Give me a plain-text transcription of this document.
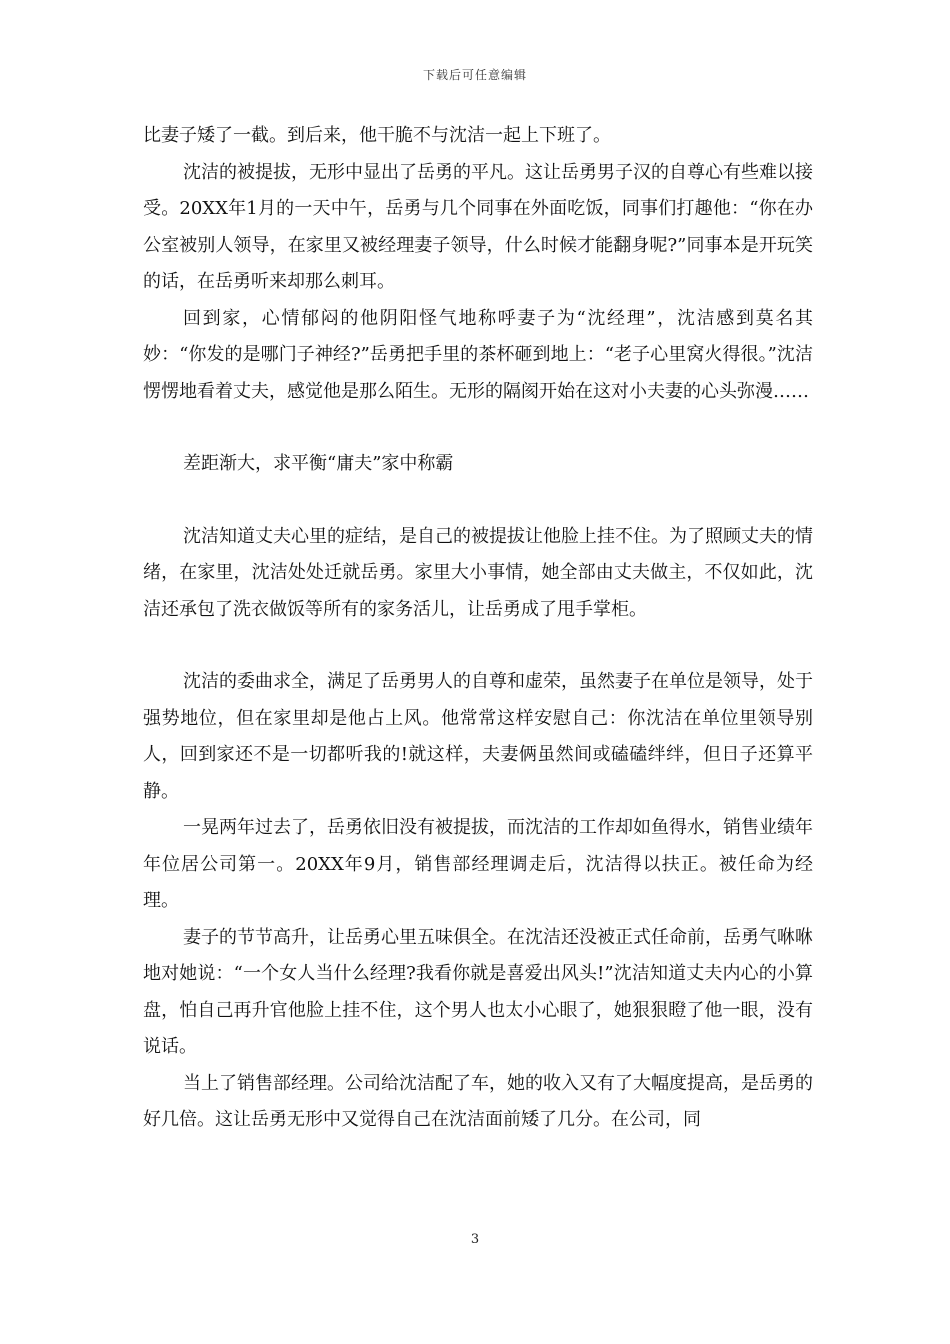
下载后可任意编辑

比妻子矮了一截。到后来，他干脆不与沈洁一起上下班了。

沈洁的被提拔，无形中显出了岳勇的平凡。这让岳勇男子汉的自尊心有些难以接受。20XX年1月的一天中午，岳勇与几个同事在外面吃饭，同事们打趣他：“你在办公室被别人领导，在家里又被经理妻子领导，什么时候才能翻身呢?”同事本是开玩笑的话，在岳勇听来却那么刺耳。

回到家，心情郁闷的他阴阳怪气地称呼妻子为“沈经理”，沈洁感到莫名其妙：“你发的是哪门子神经?”岳勇把手里的茶杯砸到地上：“老子心里窝火得很。”沈洁愣愣地看着丈夫，感觉他是那么陌生。无形的隔阂开始在这对小夫妻的心头弥漫……

差距渐大，求平衡“庸夫”家中称霸

沈洁知道丈夫心里的症结，是自己的被提拔让他脸上挂不住。为了照顾丈夫的情绪，在家里，沈洁处处迁就岳勇。家里大小事情，她全部由丈夫做主，不仅如此，沈洁还承包了洗衣做饭等所有的家务活儿，让岳勇成了甩手掌柜。

沈洁的委曲求全，满足了岳勇男人的自尊和虚荣，虽然妻子在单位是领导，处于强势地位，但在家里却是他占上风。他常常这样安慰自己：你沈洁在单位里领导别人，回到家还不是一切都听我的!就这样，夫妻俩虽然间或磕磕绊绊，但日子还算平静。

一晃两年过去了，岳勇依旧没有被提拔，而沈洁的工作却如鱼得水，销售业绩年年位居公司第一。20XX年9月，销售部经理调走后，沈洁得以扶正。被任命为经理。

妻子的节节高升，让岳勇心里五味俱全。在沈洁还没被正式任命前，岳勇气咻咻地对她说：“一个女人当什么经理?我看你就是喜爱出风头!”沈洁知道丈夫内心的小算盘，怕自己再升官他脸上挂不住，这个男人也太小心眼了，她狠狠瞪了他一眼，没有说话。

当上了销售部经理。公司给沈洁配了车，她的收入又有了大幅度提高，是岳勇的好几倍。这让岳勇无形中又觉得自己在沈洁面前矮了几分。在公司，同

3
